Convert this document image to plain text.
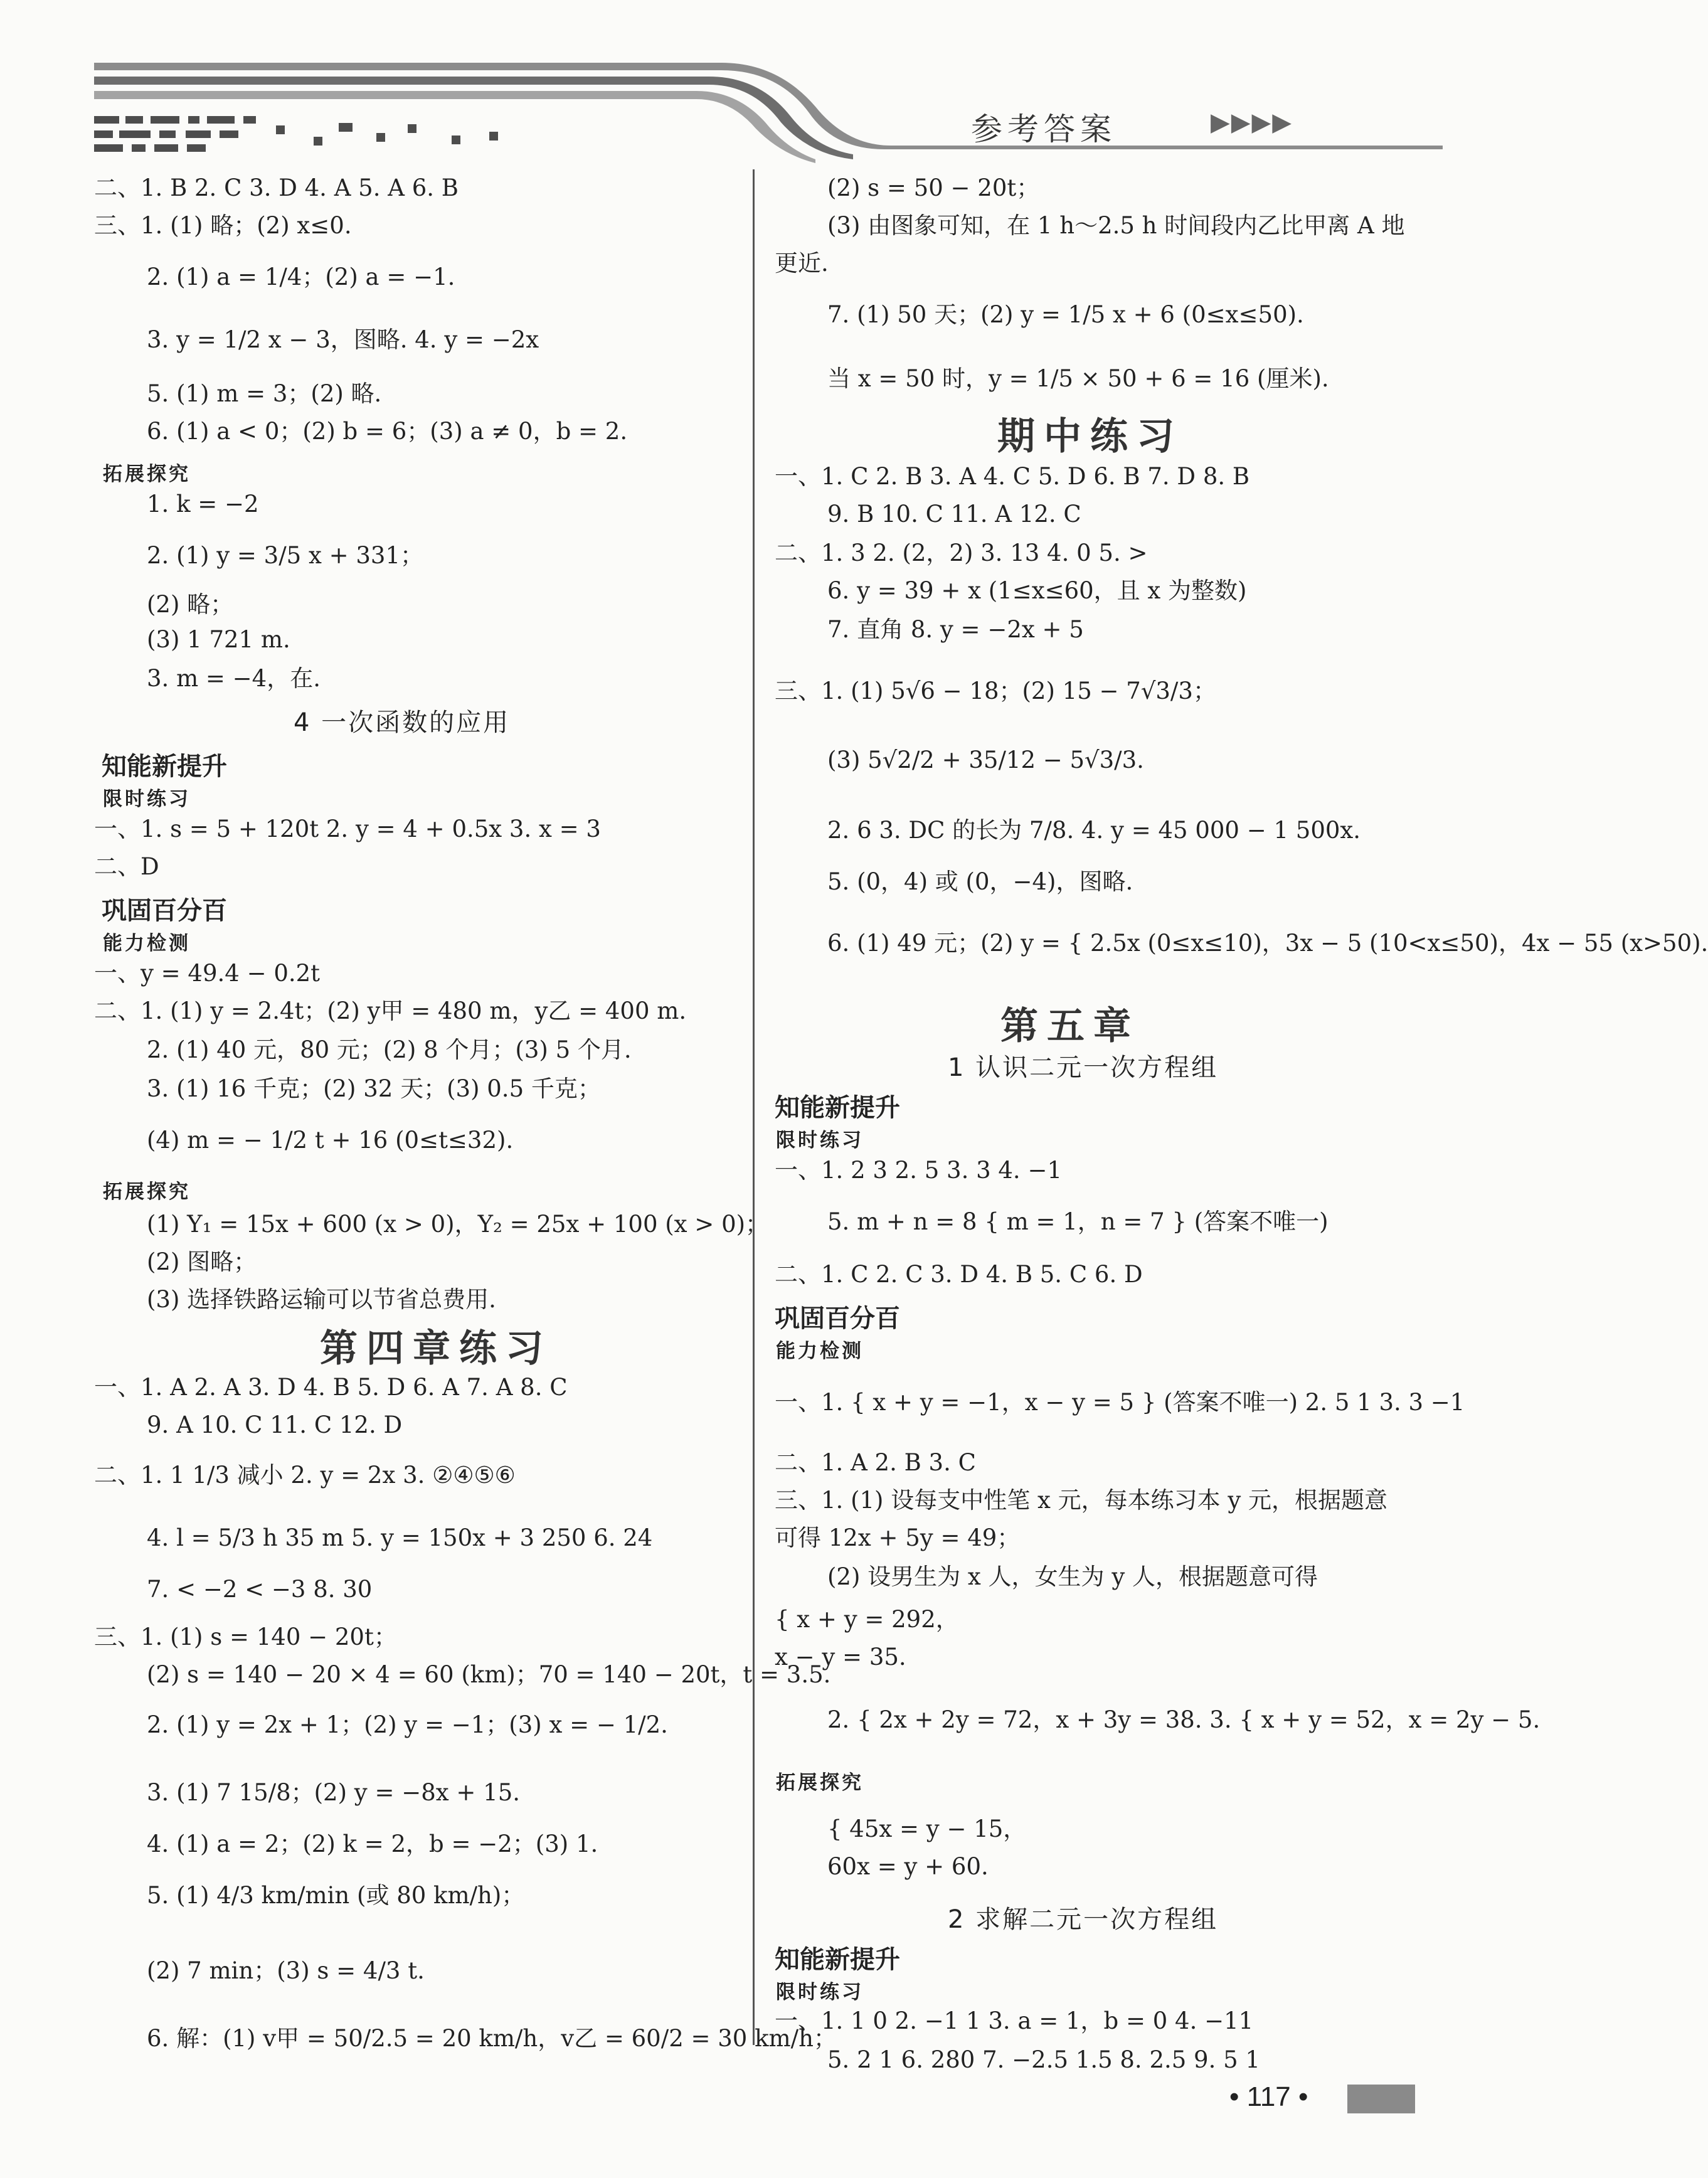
参考答案	▶▶▶▶
二、1. B 2. C 3. D 4. A 5. A 6. B
三、1. (1) 略；(2) x≤0.
2. (1) a = 1/4；(2) a = −1.
3. y = 1/2 x − 3，图略. 4. y = −2x
5. (1) m = 3；(2) 略.
6. (1) a < 0；(2) b = 6；(3) a ≠ 0，b = 2.
拓展探究
1. k = −2
2. (1) y = 3/5 x + 331；
(2) 略；
(3) 1 721 m.
3. m = −4，在.
4 一次函数的应用
知能新提升
限时练习
一、1. s = 5 + 120t 2. y = 4 + 0.5x 3. x = 3
二、D
巩固百分百
能力检测
一、y = 49.4 − 0.2t
二、1. (1) y = 2.4t；(2) y甲 = 480 m，y乙 = 400 m.
2. (1) 40 元，80 元；(2) 8 个月；(3) 5 个月.
3. (1) 16 千克；(2) 32 天；(3) 0.5 千克；
(4) m = − 1/2 t + 16 (0≤t≤32).
拓展探究
(1) Y₁ = 15x + 600 (x > 0)，Y₂ = 25x + 100 (x > 0)；
(2) 图略；
(3) 选择铁路运输可以节省总费用.
第四章练习
一、1. A 2. A 3. D 4. B 5. D 6. A 7. A 8. C
9. A 10. C 11. C 12. D
二、1. 1 1/3 减小 2. y = 2x 3. ②④⑤⑥
4. l = 5/3 h 35 m 5. y = 150x + 3 250 6. 24
7. < −2 < −3 8. 30
三、1. (1) s = 140 − 20t；
(2) s = 140 − 20 × 4 = 60 (km)；70 = 140 − 20t，t = 3.5.
2. (1) y = 2x + 1；(2) y = −1；(3) x = − 1/2.
3. (1) 7 15/8；(2) y = −8x + 15.
4. (1) a = 2；(2) k = 2，b = −2；(3) 1.
5. (1) 4/3 km/min (或 80 km/h)；
(2) 7 min；(3) s = 4/3 t.
6. 解：(1) v甲 = 50/2.5 = 20 km/h，v乙 = 60/2 = 30 km/h；
(2) s = 50 − 20t；
(3) 由图象可知，在 1 h～2.5 h 时间段内乙比甲离 A 地
更近.
7. (1) 50 天；(2) y = 1/5 x + 6 (0≤x≤50).
当 x = 50 时，y = 1/5 × 50 + 6 = 16 (厘米).
期中练习
一、1. C 2. B 3. A 4. C 5. D 6. B 7. D 8. B
9. B 10. C 11. A 12. C
二、1. 3 2. (2，2) 3. 13 4. 0 5. >
6. y = 39 + x (1≤x≤60，且 x 为整数)
7. 直角 8. y = −2x + 5
三、1. (1) 5√6 − 18；(2) 15 − 7√3/3；
(3) 5√2/2 + 35/12 − 5√3/3.
2. 6 3. DC 的长为 7/8. 4. y = 45 000 − 1 500x.
5. (0，4) 或 (0，−4)，图略.
6. (1) 49 元；(2) y = { 2.5x (0≤x≤10)，3x − 5 (10<x≤50)，4x − 55 (x>50).
第五章
1 认识二元一次方程组
知能新提升
限时练习
一、1. 2 3 2. 5 3. 3 4. −1
5. m + n = 8 { m = 1，n = 7 } (答案不唯一)
二、1. C 2. C 3. D 4. B 5. C 6. D
巩固百分百
能力检测
一、1. { x + y = −1，x − y = 5 } (答案不唯一) 2. 5 1 3. 3 −1
二、1. A 2. B 3. C
三、1. (1) 设每支中性笔 x 元，每本练习本 y 元，根据题意
可得 12x + 5y = 49；
(2) 设男生为 x 人，女生为 y 人，根据题意可得
{ x + y = 292，
x − y = 35.
2. { 2x + 2y = 72，x + 3y = 38. 3. { x + y = 52，x = 2y − 5.
拓展探究
{ 45x = y − 15，
60x = y + 60.
2 求解二元一次方程组
知能新提升
限时练习
一、1. 1 0 2. −1 1 3. a = 1，b = 0 4. −11
5. 2 1 6. 280 7. −2.5 1.5 8. 2.5 9. 5 1
• 117 •
